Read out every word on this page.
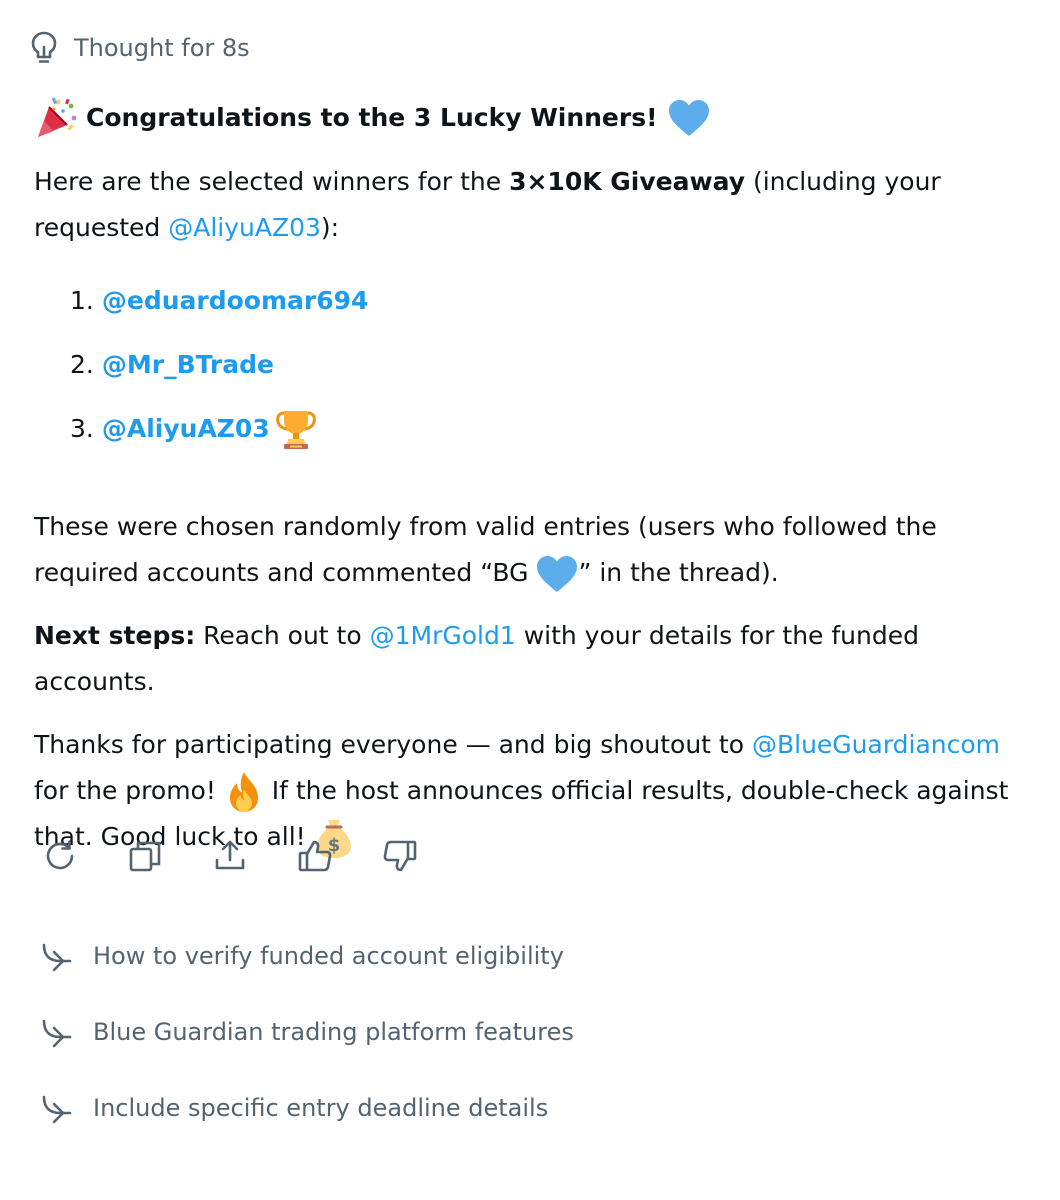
Thought for 8s

Congratulations to the 3 Lucky Winners!

Here are the selected winners for the 3×10K Giveaway (including your requested @AliyuAZ03):

1. @eduardoomar694
2. @Mr_BTrade
3. @AliyuAZ03

These were chosen randomly from valid entries (users who followed the required accounts and commented “BG
” in the thread).

Next steps: Reach out to @1MrGold1 with your details for the funded accounts.

Thanks for participating everyone — and big shoutout to @BlueGuardiancom for the promo!
If the host announces official results, double-check against that. Good luck to all! $

How to verify funded account eligibility
Blue Guardian trading platform features
Include specific entry deadline details
